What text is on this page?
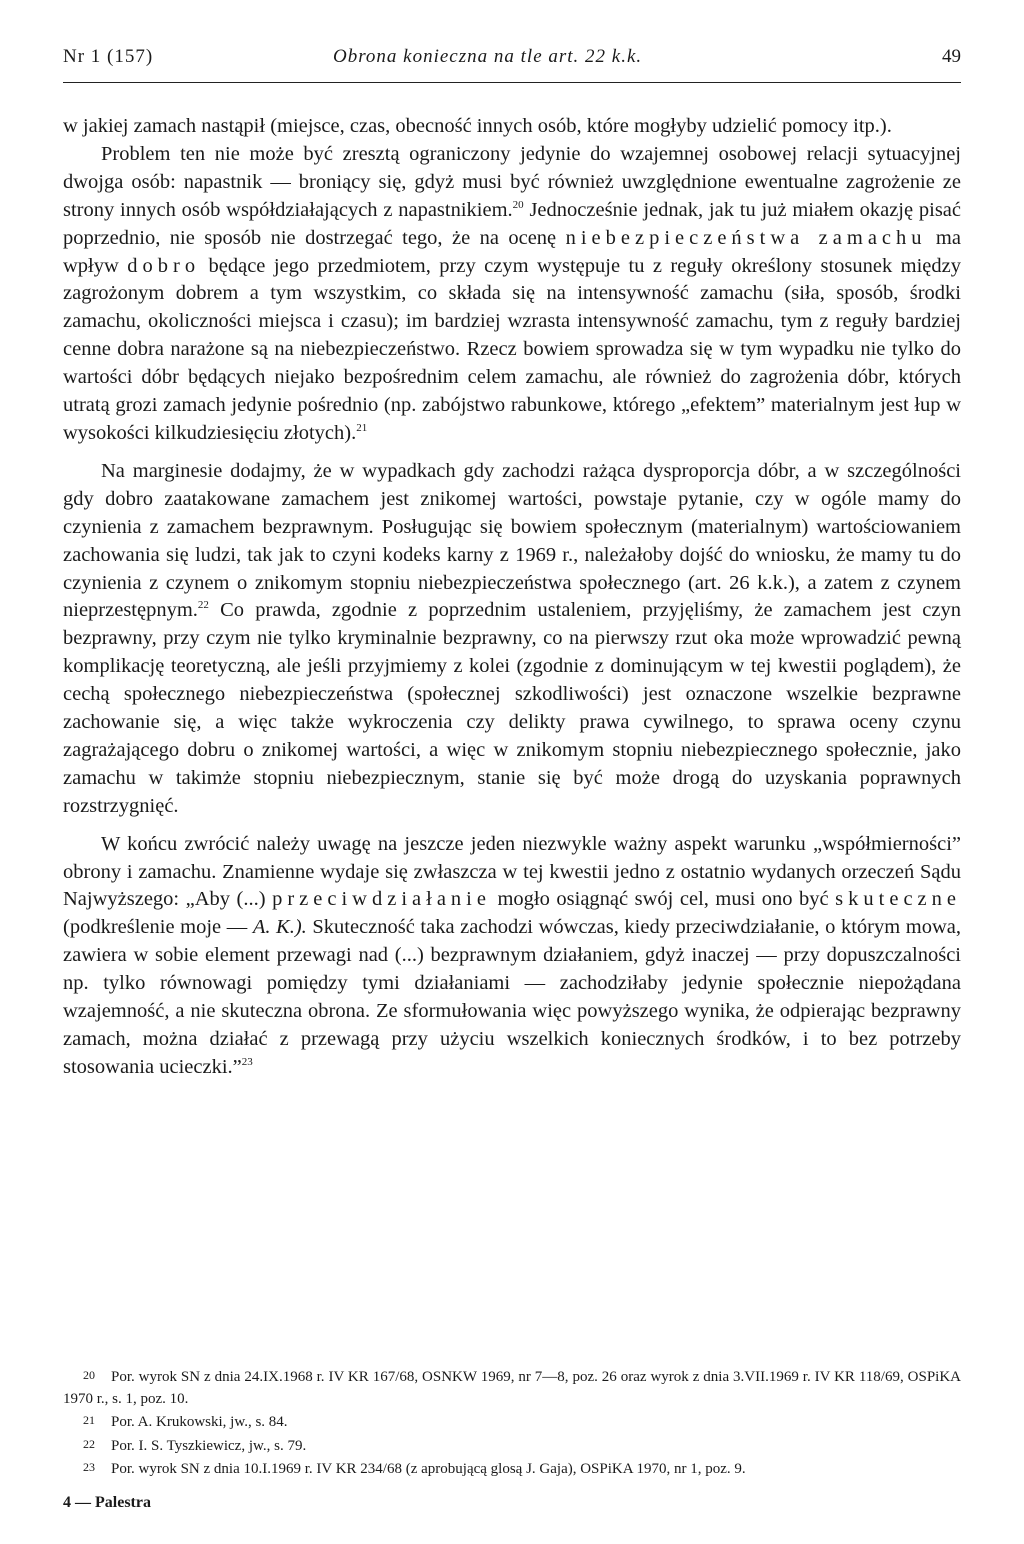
Nr 1 (157)	Obrona konieczna na tle art. 22 k.k.	49

w jakiej zamach nastąpił (miejsce, czas, obecność innych osób, które mogłyby udzielić pomocy itp.).

Problem ten nie może być zresztą ograniczony jedynie do wzajemnej osobowej relacji sytuacyjnej dwojga osób: napastnik — broniący się, gdyż musi być również uwzględnione ewentualne zagrożenie ze strony innych osób współdziałających z napastnikiem.$^{20}$ Jednocześnie jednak, jak tu już miałem okazję pisać poprzednio, nie sposób nie dostrzegać tego, że na ocenę niebezpieczeństwa zamachu ma wpływ dobro będące jego przedmiotem, przy czym występuje tu z reguły określony stosunek między zagrożonym dobrem a tym wszystkim, co składa się na intensywność zamachu (siła, sposób, środki zamachu, okoliczności miejsca i czasu); im bardziej wzrasta intensywność zamachu, tym z reguły bardziej cenne dobra narażone są na niebezpieczeństwo. Rzecz bowiem sprowadza się w tym wypadku nie tylko do wartości dóbr będących niejako bezpośrednim celem zamachu, ale również do zagrożenia dóbr, których utratą grozi zamach jedynie pośrednio (np. zabójstwo rabunkowe, którego „efektem” materialnym jest łup w wysokości kilkudziesięciu złotych).$^{21}$

Na marginesie dodajmy, że w wypadkach gdy zachodzi rażąca dysproporcja dóbr, a w szczególności gdy dobro zaatakowane zamachem jest znikomej wartości, powstaje pytanie, czy w ogóle mamy do czynienia z zamachem bezprawnym. Posługując się bowiem społecznym (materialnym) wartościowaniem zachowania się ludzi, tak jak to czyni kodeks karny z 1969 r., należałoby dojść do wniosku, że mamy tu do czynienia z czynem o znikomym stopniu niebezpieczeństwa społecznego (art. 26 k.k.), a zatem z czynem nieprzestępnym.$^{22}$ Co prawda, zgodnie z poprzednim ustaleniem, przyjęliśmy, że zamachem jest czyn bezprawny, przy czym nie tylko kryminalnie bezprawny, co na pierwszy rzut oka może wprowadzić pewną komplikację teoretyczną, ale jeśli przyjmiemy z kolei (zgodnie z dominującym w tej kwestii poglądem), że cechą społecznego niebezpieczeństwa (społecznej szkodliwości) jest oznaczone wszelkie bezprawne zachowanie się, a więc także wykroczenia czy delikty prawa cywilnego, to sprawa oceny czynu zagrażającego dobru o znikomej wartości, a więc w znikomym stopniu niebezpiecznego społecznie, jako zamachu w takimże stopniu niebezpiecznym, stanie się być może drogą do uzyskania poprawnych rozstrzygnięć.

W końcu zwrócić należy uwagę na jeszcze jeden niezwykle ważny aspekt warunku „współmierności” obrony i zamachu. Znamienne wydaje się zwłaszcza w tej kwestii jedno z ostatnio wydanych orzeczeń Sądu Najwyższego: „Aby (...) przeciwdziałanie mogło osiągnąć swój cel, musi ono być skuteczne (podkreślenie moje — A. K.). Skuteczność taka zachodzi wówczas, kiedy przeciwdziałanie, o którym mowa, zawiera w sobie element przewagi nad (...) bezprawnym działaniem, gdyż inaczej — przy dopuszczalności np. tylko równowagi pomiędzy tymi działaniami — zachodziłaby jedynie społecznie niepożądana wzajemność, a nie skuteczna obrona. Ze sformułowania więc powyższego wynika, że odpierając bezprawny zamach, można działać z przewagą przy użyciu wszelkich koniecznych środków, i to bez potrzeby stosowania ucieczki.”$^{23}$

20 Por. wyrok SN z dnia 24.IX.1968 r. IV KR 167/68, OSNKW 1969, nr 7—8, poz. 26 oraz wyrok z dnia 3.VII.1969 r. IV KR 118/69, OSPiKA 1970 r., s. 1, poz. 10.

21 Por. A. Krukowski, jw., s. 84.

22 Por. I. S. Tyszkiewicz, jw., s. 79.

23 Por. wyrok SN z dnia 10.I.1969 r. IV KR 234/68 (z aprobującą glosą J. Gaja), OSPiKA 1970, nr 1, poz. 9.

4 — Palestra
